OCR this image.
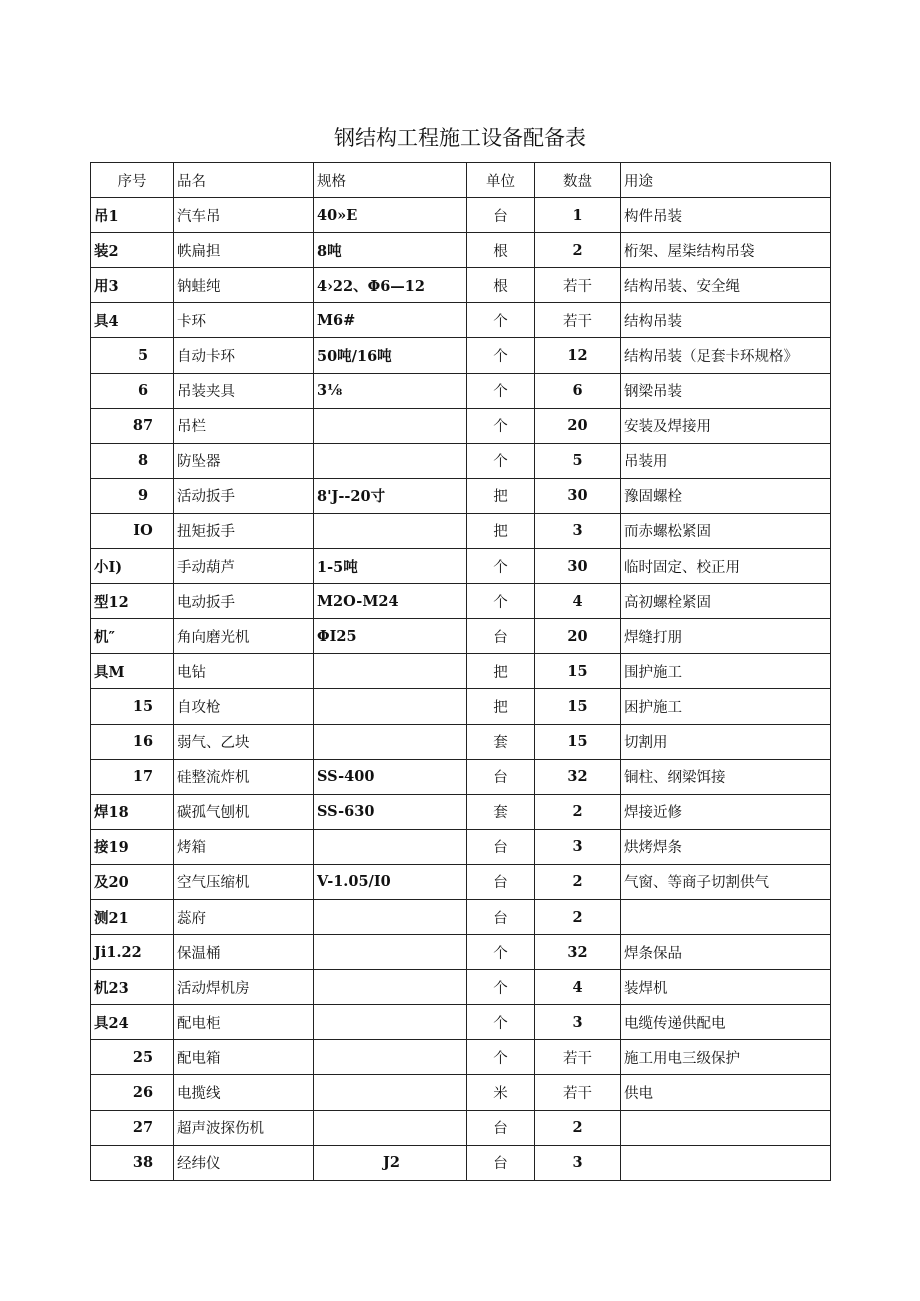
钢结构工程施工设备配备表
序号	品名	规格	单位	数盘	用途
吊1	汽车吊	40»E	台	1	构件吊装
装2	帙扁担	8吨	根	2	桁架、屋柒结构吊袋
用3	钠蛙纯	4›22、Φ6—12	根	若干	结构吊装、安全绳
具4	卡环	M6#	个	若干	结构吊装
5	自动卡环	50吨/16吨	个	12	结构吊装（足套卡环规格》
6	吊装夹具	3⅛	个	6	钢梁吊装
87	吊栏		个	20	安装及焊接用
8	防坠器		个	5	吊装用
9	活动扳手	8'J--20寸	把	30	豫固螺栓
IO	扭矩扳手		把	3	而赤螺松紧固
小I)	手动葫芦	1-5吨	个	30	临时固定、校正用
型12	电动扳手	M2O-M24	个	4	高初螺栓紧固
机″	角向磨光机	ΦI25	台	20	焊缝打朋
具M	电钻		把	15	围护施工
15	自攻枪		把	15	困护施工
16	弱气、乙块		套	15	切割用
17	硅整流炸机	SS-400	台	32	铜柱、纲梁饵接
焊18	碳孤气刨机	SS-630	套	2	焊接近修
接19	烤箱		台	3	烘烤焊条
及20	空气压缩机	V-1.05/I0	台	2	气窗、等商子切割供气
测21	蕊府		台	2	
Ji1.22	保温桶		个	32	焊条保品
机23	活动焊机房		个	4	装焊机
具24	配电柜		个	3	电缆传递供配电
25	配电箱		个	若干	施工用电三级保护
26	电揽线		米	若干	供电
27	超声波探伤机		台	2	
38	经纬仪	J2	台	3	
